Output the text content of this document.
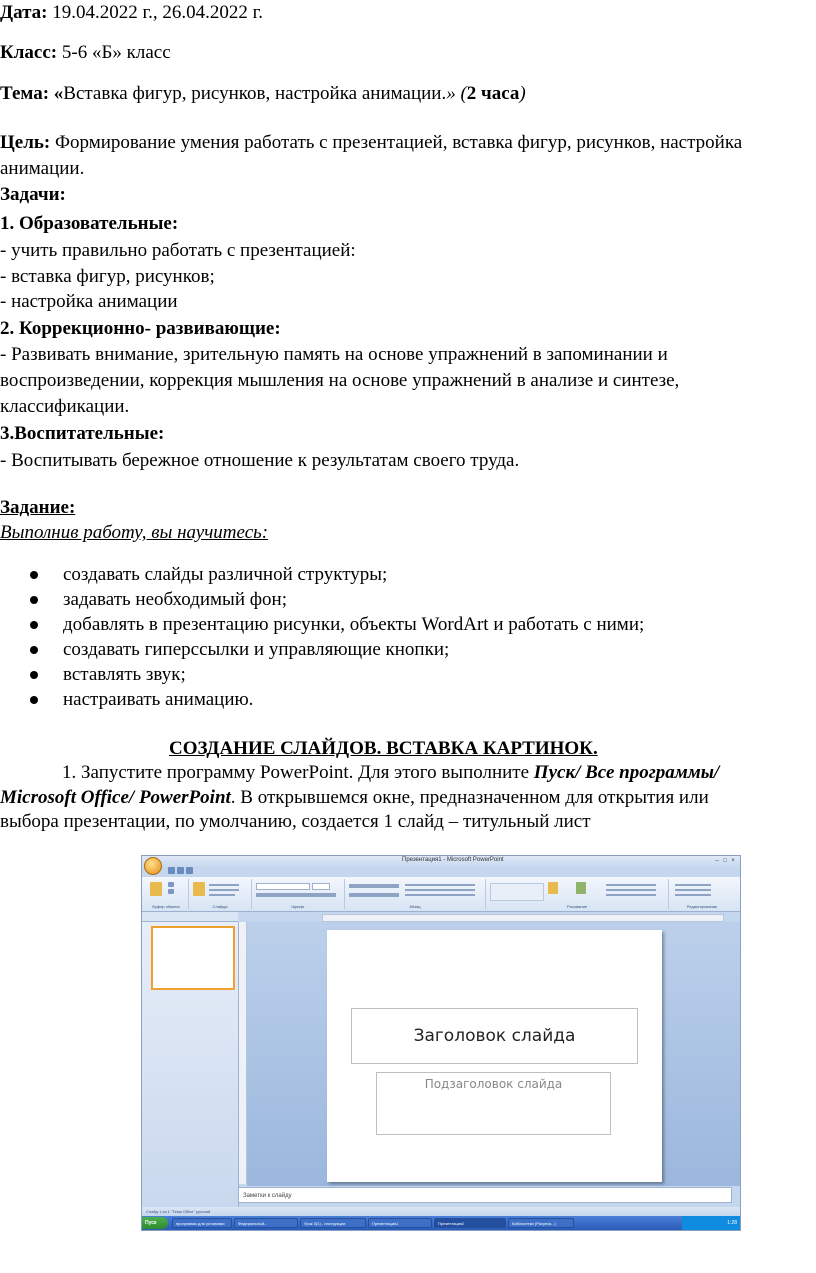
Дата: 19.04.2022 г., 26.04.2022 г.
Класс: 5-6 «Б» класс
Тема: «Вставка фигур, рисунков, настройка анимации.» (2 часа)
Цель: Формирование умения работать с презентацией, вставка фигур, рисунков, настройка
анимации.
Задачи:
1. Образовательные:
- учить правильно работать с презентацией:
- вставка фигур, рисунков;
- настройка анимации
2. Коррекционно- развивающие:
- Развивать внимание, зрительную память на основе упражнений в запоминании и
воспроизведении, коррекция мышления на основе упражнений в анализе и синтезе,
классификации.
3.Воспитательные:
- Воспитывать бережное отношение к результатам своего труда.
Задание:
Выполнив работу, вы научитесь:
создавать слайды различной структуры;
задавать необходимый фон;
добавлять в презентацию рисунки, объекты WordArt и работать с ними;
создавать гиперссылки и управляющие кнопки;
вставлять звук;
настраивать анимацию.
СОЗДАНИЕ СЛАЙДОВ. ВСТАВКА КАРТИНОК.
1. Запустите программу PowerPoint. Для этого выполните Пуск/ Все программы/
Microsoft Office/ PowerPoint. В открывшемся окне, предназначенном для открытия или
выбора презентации, по умолчанию, создается 1 слайд – титульный лист
Презентация1 - Microsoft PowerPoint	– □ ×
Буфер обмена	Слайды	Шрифт	Абзац	Рисование	Редактирование
Заголовок слайда
Подзаголовок слайда
Заметки к слайду
Слайд 1 из 1 "Тема Office" русский
Пуск	программы для установки	Федеральный...	Урок 3(1) - инструкции	Презентация1	Презентация2	Библиотеки (Рисунок...)	1:28
